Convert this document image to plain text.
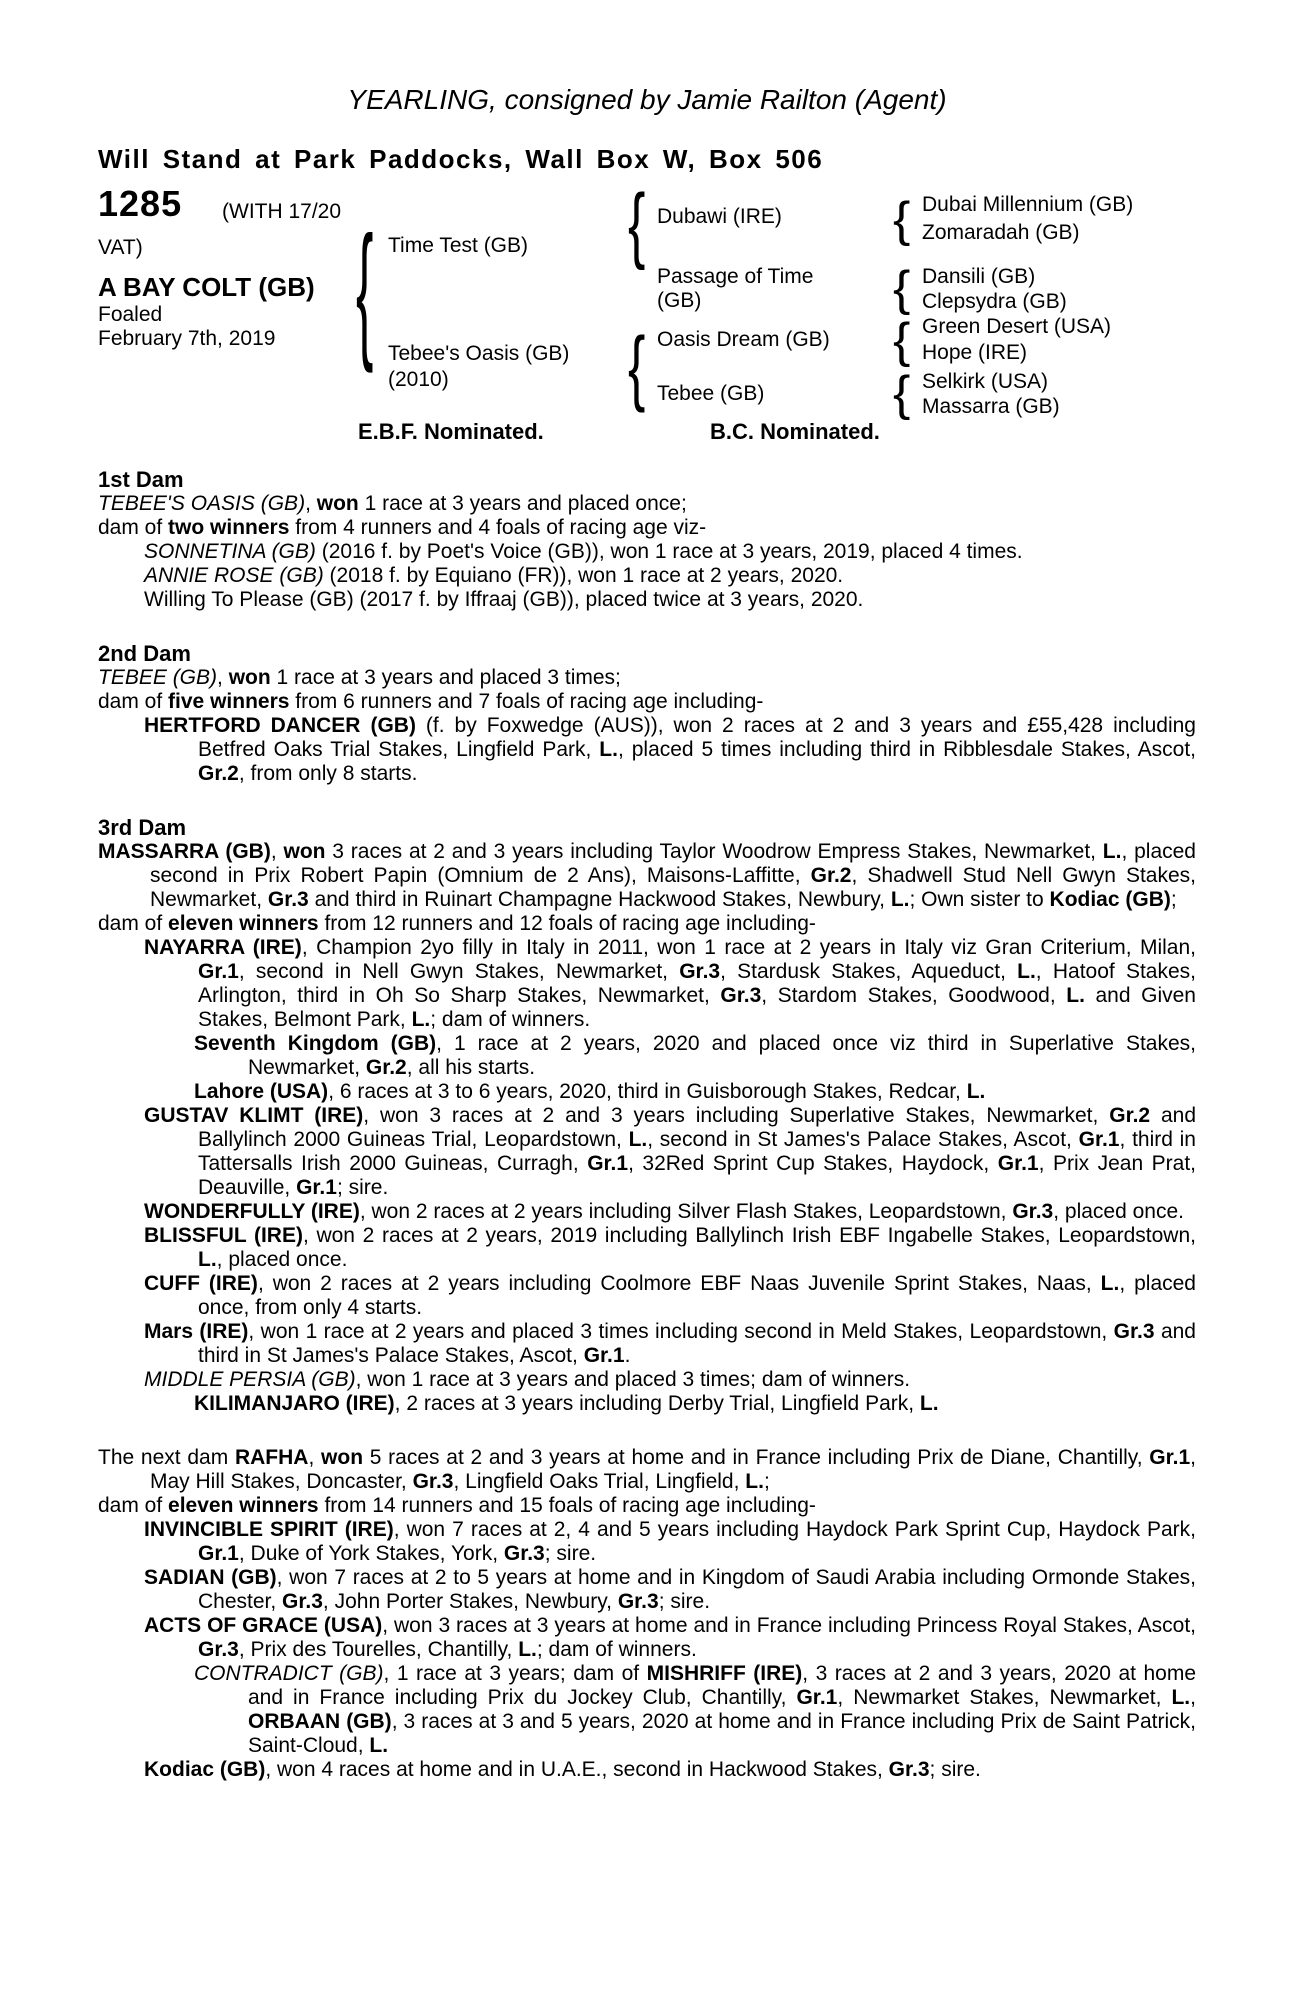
YEARLING, consigned by Jamie Railton (Agent)
Will Stand at Park Paddocks, Wall Box W, Box 506
1285 (WITH 17/20
VAT)
A BAY COLT (GB)
Foaled
February 7th, 2019 {	{
{
{
{
{
{
Time Test (GB)
Tebee's Oasis (GB)
(2010)
Dubawi (IRE)
Passage of Time
(GB)
Oasis Dream (GB)
Tebee (GB)
Dubai Millennium (GB)
Zomaradah (GB)
Dansili (GB)
Clepsydra (GB)
Green Desert (USA)
Hope (IRE)
Selkirk (USA)
Massarra (GB)
E.B.F. Nominated.	B.C. Nominated.
1st Dam

TEBEE'S OASIS (GB), won 1 race at 3 years and placed once;

dam of two winners from 4 runners and 4 foals of racing age viz-

SONNETINA (GB) (2016 f. by Poet's Voice (GB)), won 1 race at 3 years, 2019, placed 4 times.

ANNIE ROSE (GB) (2018 f. by Equiano (FR)), won 1 race at 2 years, 2020.

Willing To Please (GB) (2017 f. by Iffraaj (GB)), placed twice at 3 years, 2020.

2nd Dam

TEBEE (GB), won 1 race at 3 years and placed 3 times;

dam of five winners from 6 runners and 7 foals of racing age including-

HERTFORD DANCER (GB) (f. by Foxwedge (AUS)), won 2 races at 2 and 3 years and £55,428 including Betfred Oaks Trial Stakes, Lingfield Park, L., placed 5 times including third in Ribblesdale Stakes, Ascot, Gr.2, from only 8 starts.

3rd Dam

MASSARRA (GB), won 3 races at 2 and 3 years including Taylor Woodrow Empress Stakes, Newmarket, L., placed second in Prix Robert Papin (Omnium de 2 Ans), Maisons-Laffitte, Gr.2, Shadwell Stud Nell Gwyn Stakes, Newmarket, Gr.3 and third in Ruinart Champagne Hackwood Stakes, Newbury, L.; Own sister to Kodiac (GB);

dam of eleven winners from 12 runners and 12 foals of racing age including-

NAYARRA (IRE), Champion 2yo filly in Italy in 2011, won 1 race at 2 years in Italy viz Gran Criterium, Milan, Gr.1, second in Nell Gwyn Stakes, Newmarket, Gr.3, Stardusk Stakes, Aqueduct, L., Hatoof Stakes, Arlington, third in Oh So Sharp Stakes, Newmarket, Gr.3, Stardom Stakes, Goodwood, L. and Given Stakes, Belmont Park, L.; dam of winners.

Seventh Kingdom (GB), 1 race at 2 years, 2020 and placed once viz third in Superlative Stakes, Newmarket, Gr.2, all his starts.

Lahore (USA), 6 races at 3 to 6 years, 2020, third in Guisborough Stakes, Redcar, L.

GUSTAV KLIMT (IRE), won 3 races at 2 and 3 years including Superlative Stakes, Newmarket, Gr.2 and Ballylinch 2000 Guineas Trial, Leopardstown, L., second in St James's Palace Stakes, Ascot, Gr.1, third in Tattersalls Irish 2000 Guineas, Curragh, Gr.1, 32Red Sprint Cup Stakes, Haydock, Gr.1, Prix Jean Prat, Deauville, Gr.1; sire.

WONDERFULLY (IRE), won 2 races at 2 years including Silver Flash Stakes, Leopardstown, Gr.3, placed once.

BLISSFUL (IRE), won 2 races at 2 years, 2019 including Ballylinch Irish EBF Ingabelle Stakes, Leopardstown, L., placed once.

CUFF (IRE), won 2 races at 2 years including Coolmore EBF Naas Juvenile Sprint Stakes, Naas, L., placed once, from only 4 starts.

Mars (IRE), won 1 race at 2 years and placed 3 times including second in Meld Stakes, Leopardstown, Gr.3 and third in St James's Palace Stakes, Ascot, Gr.1.

MIDDLE PERSIA (GB), won 1 race at 3 years and placed 3 times; dam of winners.

KILIMANJARO (IRE), 2 races at 3 years including Derby Trial, Lingfield Park, L.

The next dam RAFHA, won 5 races at 2 and 3 years at home and in France including Prix de Diane, Chantilly, Gr.1, May Hill Stakes, Doncaster, Gr.3, Lingfield Oaks Trial, Lingfield, L.;

dam of eleven winners from 14 runners and 15 foals of racing age including-

INVINCIBLE SPIRIT (IRE), won 7 races at 2, 4 and 5 years including Haydock Park Sprint Cup, Haydock Park, Gr.1, Duke of York Stakes, York, Gr.3; sire.

SADIAN (GB), won 7 races at 2 to 5 years at home and in Kingdom of Saudi Arabia including Ormonde Stakes, Chester, Gr.3, John Porter Stakes, Newbury, Gr.3; sire.

ACTS OF GRACE (USA), won 3 races at 3 years at home and in France including Princess Royal Stakes, Ascot, Gr.3, Prix des Tourelles, Chantilly, L.; dam of winners.

CONTRADICT (GB), 1 race at 3 years; dam of MISHRIFF (IRE), 3 races at 2 and 3 years, 2020 at home and in France including Prix du Jockey Club, Chantilly, Gr.1, Newmarket Stakes, Newmarket, L., ORBAAN (GB), 3 races at 3 and 5 years, 2020 at home and in France including Prix de Saint Patrick, Saint-Cloud, L.

Kodiac (GB), won 4 races at home and in U.A.E., second in Hackwood Stakes, Gr.3; sire.
